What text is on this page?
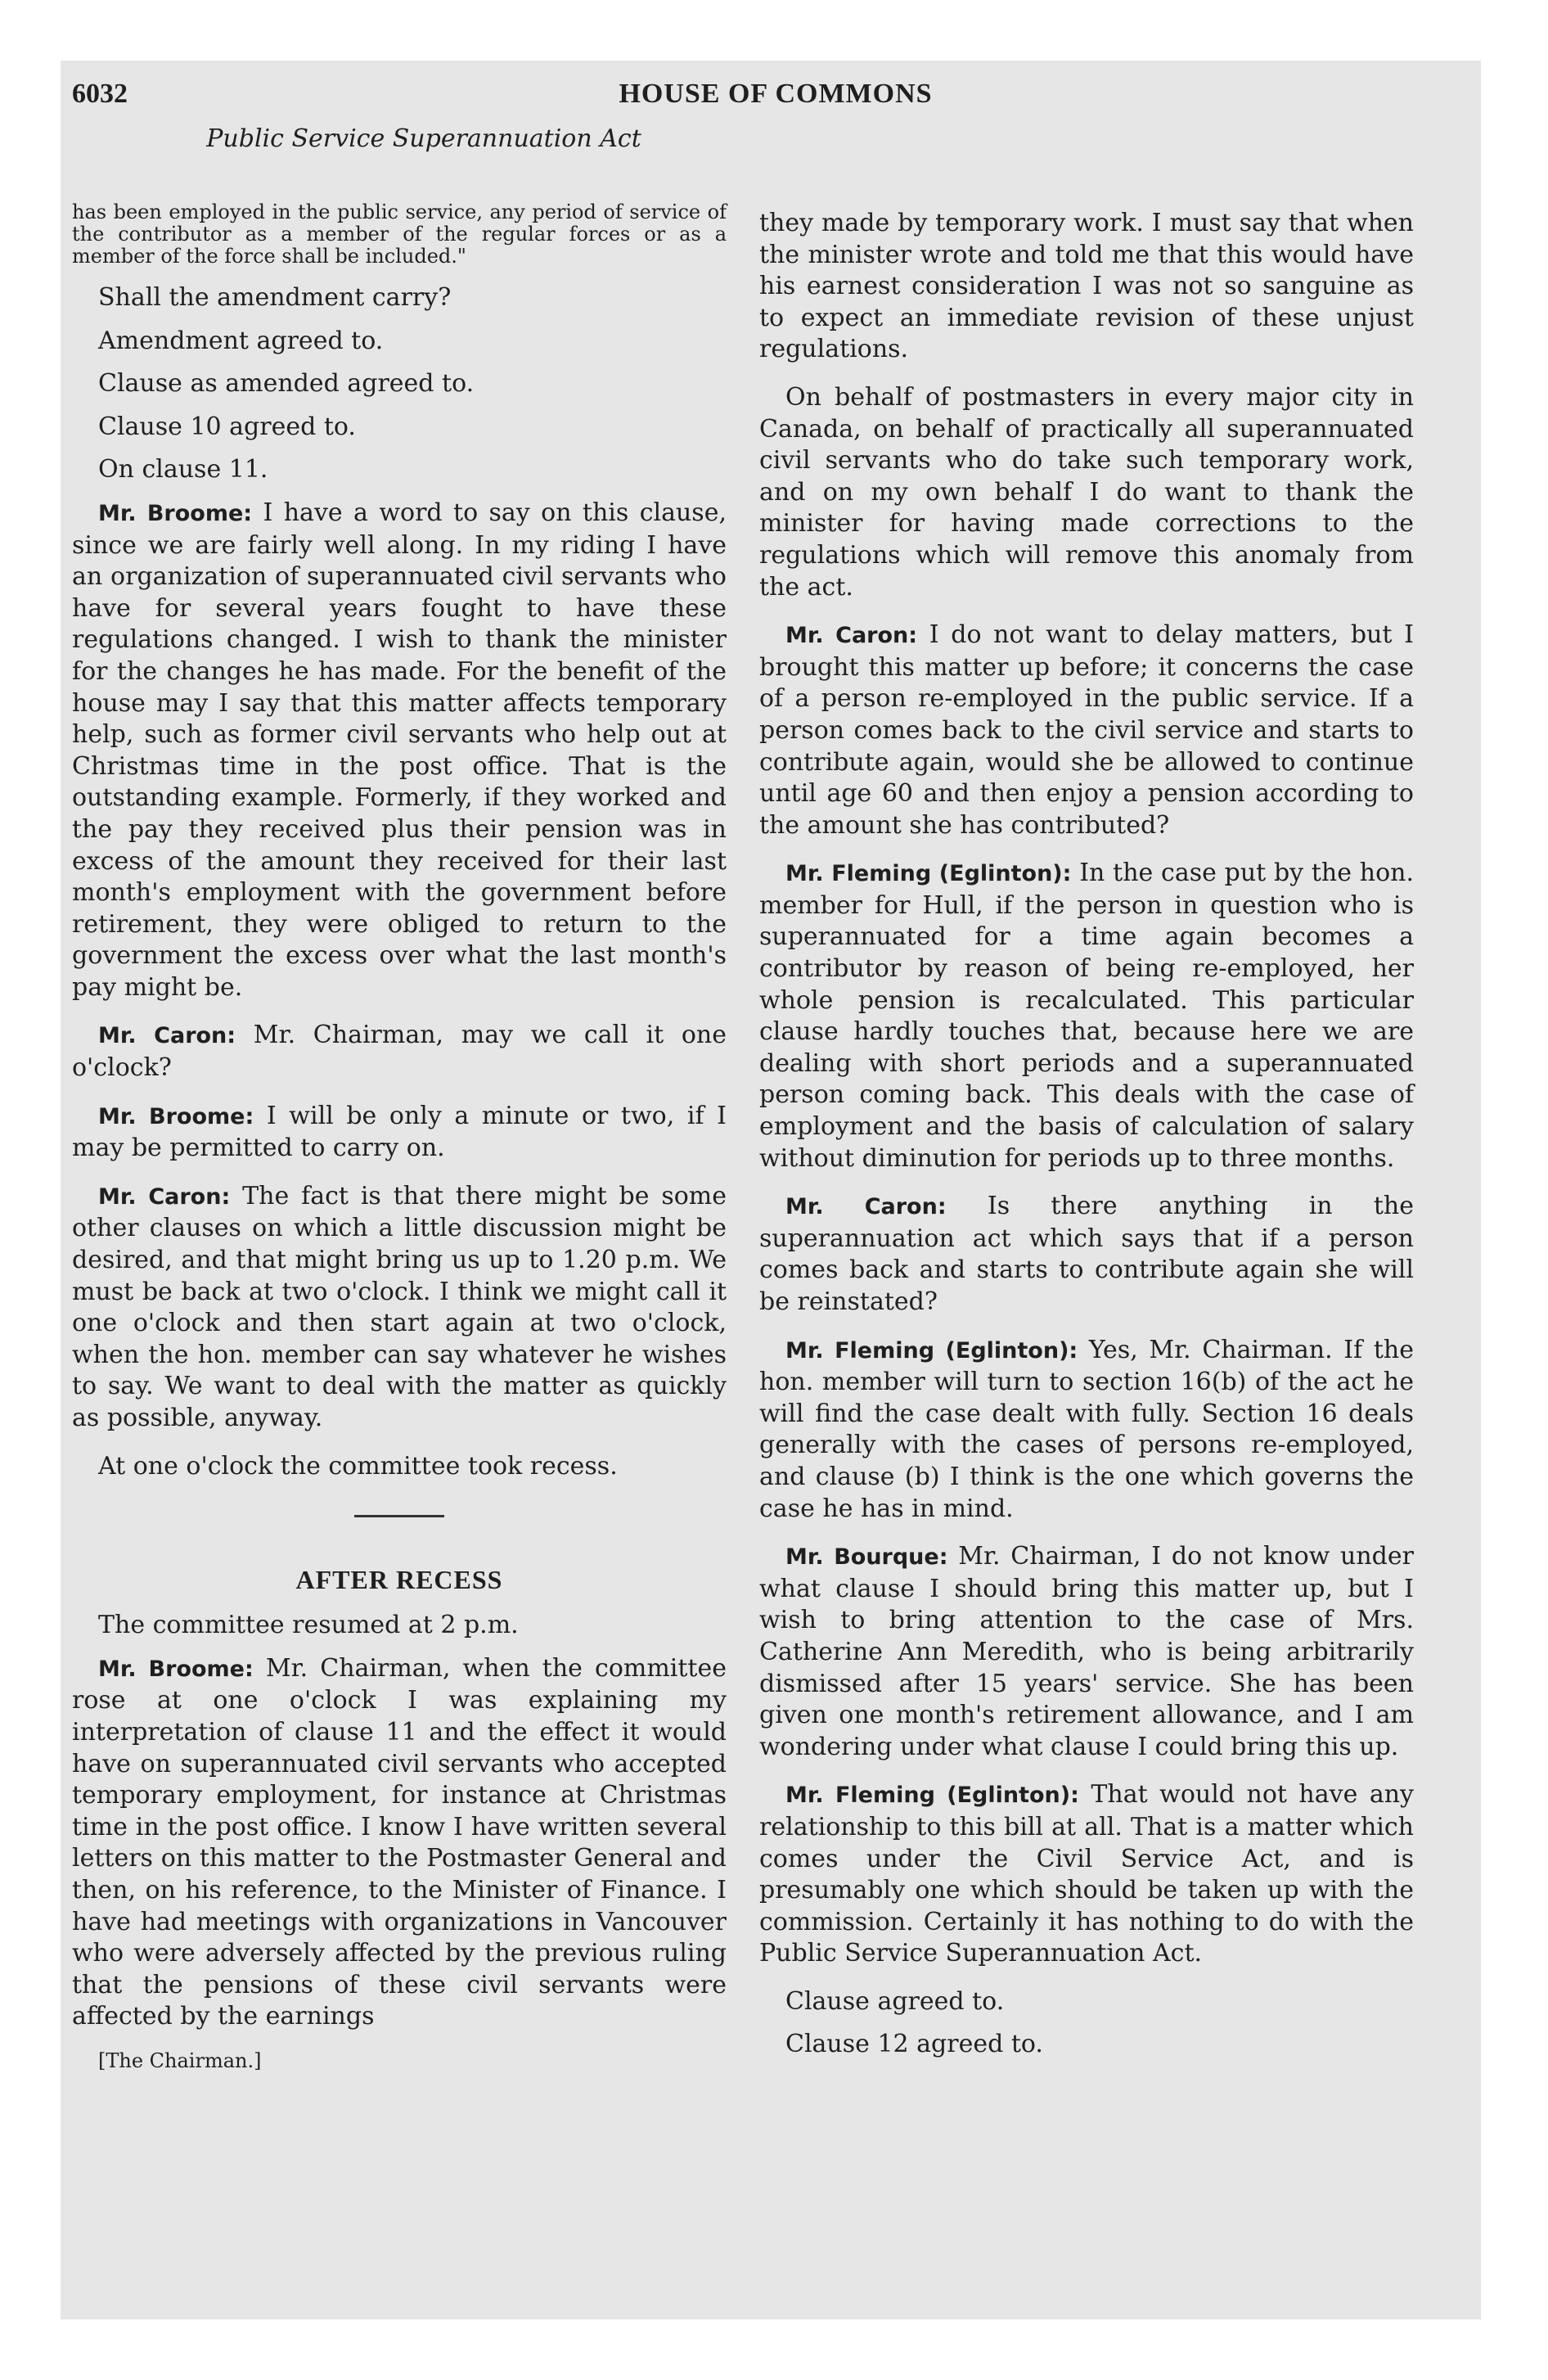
6032	HOUSE OF COMMONS
Public Service Superannuation Act

has been employed in the public service, any period of service of the contributor as a member of the regular forces or as a member of the force shall be included."

Shall the amendment carry?

Amendment agreed to.

Clause as amended agreed to.

Clause 10 agreed to.

On clause 11.

Mr. Broome: I have a word to say on this clause, since we are fairly well along. In my riding I have an organization of superannuated civil servants who have for several years fought to have these regulations changed. I wish to thank the minister for the changes he has made. For the benefit of the house may I say that this matter affects temporary help, such as former civil servants who help out at Christmas time in the post office. That is the outstanding example. Formerly, if they worked and the pay they received plus their pension was in excess of the amount they received for their last month's employment with the government before retirement, they were obliged to return to the government the excess over what the last month's pay might be.

Mr. Caron: Mr. Chairman, may we call it one o'clock?

Mr. Broome: I will be only a minute or two, if I may be permitted to carry on.

Mr. Caron: The fact is that there might be some other clauses on which a little discussion might be desired, and that might bring us up to 1.20 p.m. We must be back at two o'clock. I think we might call it one o'clock and then start again at two o'clock, when the hon. member can say whatever he wishes to say. We want to deal with the matter as quickly as possible, anyway.

At one o'clock the committee took recess.

AFTER RECESS

The committee resumed at 2 p.m.

Mr. Broome: Mr. Chairman, when the committee rose at one o'clock I was explaining my interpretation of clause 11 and the effect it would have on superannuated civil servants who accepted temporary employment, for instance at Christmas time in the post office. I know I have written several letters on this matter to the Postmaster General and then, on his reference, to the Minister of Finance. I have had meetings with organizations in Vancouver who were adversely affected by the previous ruling that the pensions of these civil servants were affected by the earnings

[The Chairman.]

they made by temporary work. I must say that when the minister wrote and told me that this would have his earnest consideration I was not so sanguine as to expect an immediate revision of these unjust regulations.

On behalf of postmasters in every major city in Canada, on behalf of practically all superannuated civil servants who do take such temporary work, and on my own behalf I do want to thank the minister for having made corrections to the regulations which will remove this anomaly from the act.

Mr. Caron: I do not want to delay matters, but I brought this matter up before; it concerns the case of a person re-employed in the public service. If a person comes back to the civil service and starts to contribute again, would she be allowed to continue until age 60 and then enjoy a pension according to the amount she has contributed?

Mr. Fleming (Eglinton): In the case put by the hon. member for Hull, if the person in question who is superannuated for a time again becomes a contributor by reason of being re-employed, her whole pension is recalculated. This particular clause hardly touches that, because here we are dealing with short periods and a superannuated person coming back. This deals with the case of employment and the basis of calculation of salary without diminution for periods up to three months.

Mr. Caron: Is there anything in the superannuation act which says that if a person comes back and starts to contribute again she will be reinstated?

Mr. Fleming (Eglinton): Yes, Mr. Chairman. If the hon. member will turn to section 16(b) of the act he will find the case dealt with fully. Section 16 deals generally with the cases of persons re-employed, and clause (b) I think is the one which governs the case he has in mind.

Mr. Bourque: Mr. Chairman, I do not know under what clause I should bring this matter up, but I wish to bring attention to the case of Mrs. Catherine Ann Meredith, who is being arbitrarily dismissed after 15 years' service. She has been given one month's retirement allowance, and I am wondering under what clause I could bring this up.

Mr. Fleming (Eglinton): That would not have any relationship to this bill at all. That is a matter which comes under the Civil Service Act, and is presumably one which should be taken up with the commission. Certainly it has nothing to do with the Public Service Superannuation Act.

Clause agreed to.

Clause 12 agreed to.
